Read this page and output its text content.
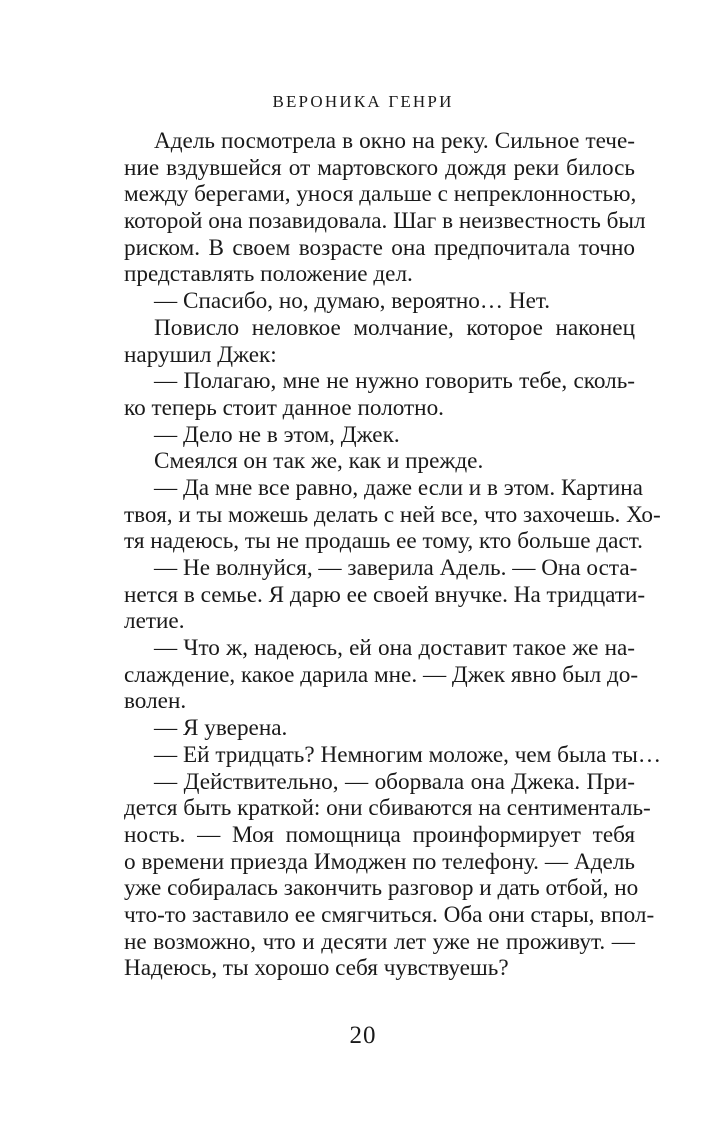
ВЕРОНИКА ГЕНРИ
Адель посмотрела в окно на реку. Сильное тече-
ние вздувшейся от мартовского дождя реки билось
между берегами, унося дальше с непреклонностью,
которой она позавидовала. Шаг в неизвестность был
риском. В своем возрасте она предпочитала точно
представлять положение дел.
— Спасибо, но, думаю, вероятно… Нет.
Повисло неловкое молчание, которое наконец
нарушил Джек:
— Полагаю, мне не нужно говорить тебе, сколь-
ко теперь стоит данное полотно.
— Дело не в этом, Джек.
Смеялся он так же, как и прежде.
— Да мне все равно, даже если и в этом. Картина
твоя, и ты можешь делать с ней все, что захочешь. Хо-
тя надеюсь, ты не продашь ее тому, кто больше даст.
— Не волнуйся, — заверила Адель. — Она оста-
нется в семье. Я дарю ее своей внучке. На тридцати-
летие.
— Что ж, надеюсь, ей она доставит такое же на-
слаждение, какое дарила мне. — Джек явно был до-
волен.
— Я уверена.
— Ей тридцать? Немногим моложе, чем была ты…
— Действительно, — оборвала она Джека. При-
дется быть краткой: они сбиваются на сентименталь-
ность. — Моя помощница проинформирует тебя
о времени приезда Имоджен по телефону. — Адель
уже собиралась закончить разговор и дать отбой, но
что-то заставило ее смягчиться. Оба они стары, впол-
не возможно, что и десяти лет уже не проживут. —
Надеюсь, ты хорошо себя чувствуешь?
20
